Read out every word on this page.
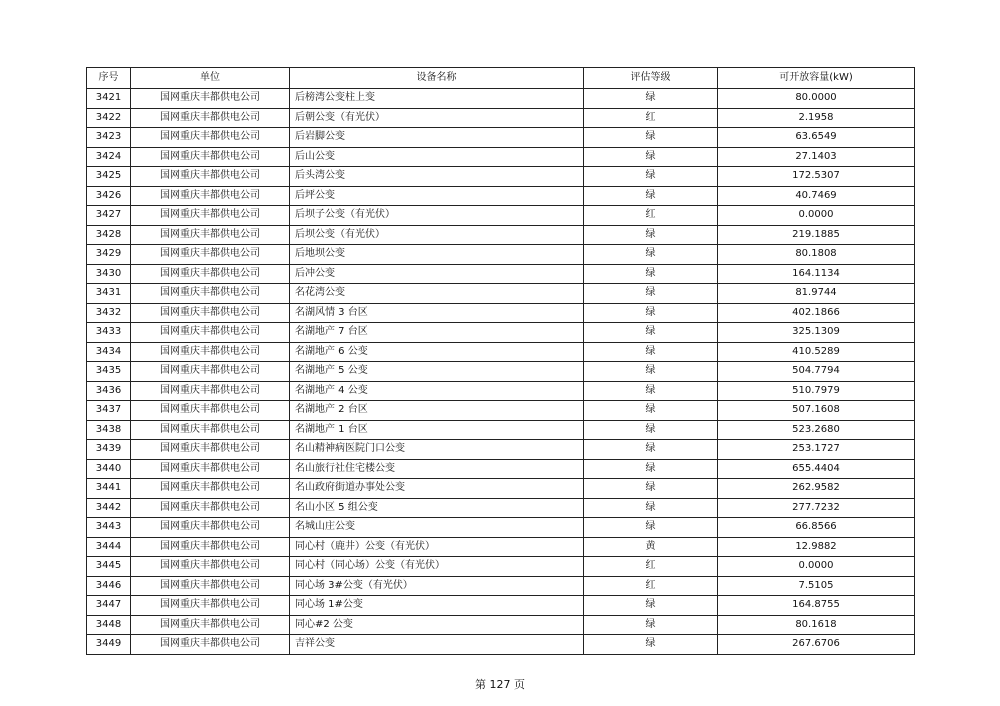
序号	单位	设备名称	评估等级	可开放容量(kW)
3421	国网重庆丰都供电公司	后榜湾公变柱上变	绿	80.0000
3422	国网重庆丰都供电公司	后朝公变（有光伏）	红	2.1958
3423	国网重庆丰都供电公司	后岩脚公变	绿	63.6549
3424	国网重庆丰都供电公司	后山公变	绿	27.1403
3425	国网重庆丰都供电公司	后头湾公变	绿	172.5307
3426	国网重庆丰都供电公司	后坪公变	绿	40.7469
3427	国网重庆丰都供电公司	后坝子公变（有光伏）	红	0.0000
3428	国网重庆丰都供电公司	后坝公变（有光伏）	绿	219.1885
3429	国网重庆丰都供电公司	后地坝公变	绿	80.1808
3430	国网重庆丰都供电公司	后冲公变	绿	164.1134
3431	国网重庆丰都供电公司	名花湾公变	绿	81.9744
3432	国网重庆丰都供电公司	名湖风情 3 台区	绿	402.1866
3433	国网重庆丰都供电公司	名湖地产 7 台区	绿	325.1309
3434	国网重庆丰都供电公司	名湖地产 6 公变	绿	410.5289
3435	国网重庆丰都供电公司	名湖地产 5 公变	绿	504.7794
3436	国网重庆丰都供电公司	名湖地产 4 公变	绿	510.7979
3437	国网重庆丰都供电公司	名湖地产 2 台区	绿	507.1608
3438	国网重庆丰都供电公司	名湖地产 1 台区	绿	523.2680
3439	国网重庆丰都供电公司	名山精神病医院门口公变	绿	253.1727
3440	国网重庆丰都供电公司	名山旅行社住宅楼公变	绿	655.4404
3441	国网重庆丰都供电公司	名山政府街道办事处公变	绿	262.9582
3442	国网重庆丰都供电公司	名山小区 5 组公变	绿	277.7232
3443	国网重庆丰都供电公司	名城山庄公变	绿	66.8566
3444	国网重庆丰都供电公司	同心村（鹿井）公变（有光伏）	黄	12.9882
3445	国网重庆丰都供电公司	同心村（同心场）公变（有光伏）	红	0.0000
3446	国网重庆丰都供电公司	同心场 3#公变（有光伏）	红	7.5105
3447	国网重庆丰都供电公司	同心场 1#公变	绿	164.8755
3448	国网重庆丰都供电公司	同心#2 公变	绿	80.1618
3449	国网重庆丰都供电公司	吉祥公变	绿	267.6706
第 127 页
